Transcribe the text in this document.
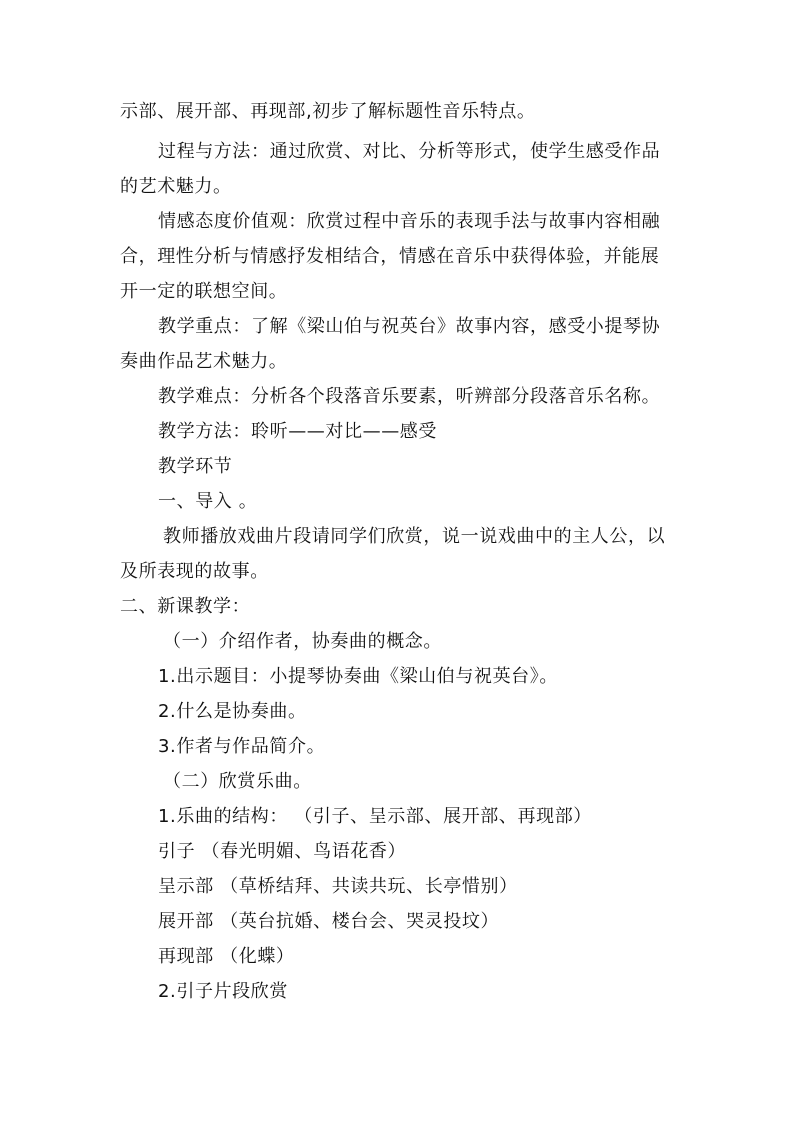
示部、展开部、再现部,初步了解标题性音乐特点。
过程与方法：通过欣赏、对比、分析等形式，使学生感受作品
的艺术魅力。
情感态度价值观：欣赏过程中音乐的表现手法与故事内容相融
合，理性分析与情感抒发相结合，情感在音乐中获得体验，并能展
开一定的联想空间。
教学重点：了解《梁山伯与祝英台》故事内容，感受小提琴协
奏曲作品艺术魅力。
教学难点：分析各个段落音乐要素，听辨部分段落音乐名称。
教学方法：聆听——对比——感受
教学环节
一、导入 。
教师播放戏曲片段请同学们欣赏，说一说戏曲中的主人公，以
及所表现的故事。
二、新课教学：
（一）介绍作者，协奏曲的概念。
1.出示题目：小提琴协奏曲《梁山伯与祝英台》。
2.什么是协奏曲。
3.作者与作品简介。
（二）欣赏乐曲。
1.乐曲的结构： （引子、呈示部、展开部、再现部）
引子 （春光明媚、鸟语花香）
呈示部 （草桥结拜、共读共玩、长亭惜别）
展开部 （英台抗婚、楼台会、哭灵投坟）
再现部 （化蝶）
2.引子片段欣赏
